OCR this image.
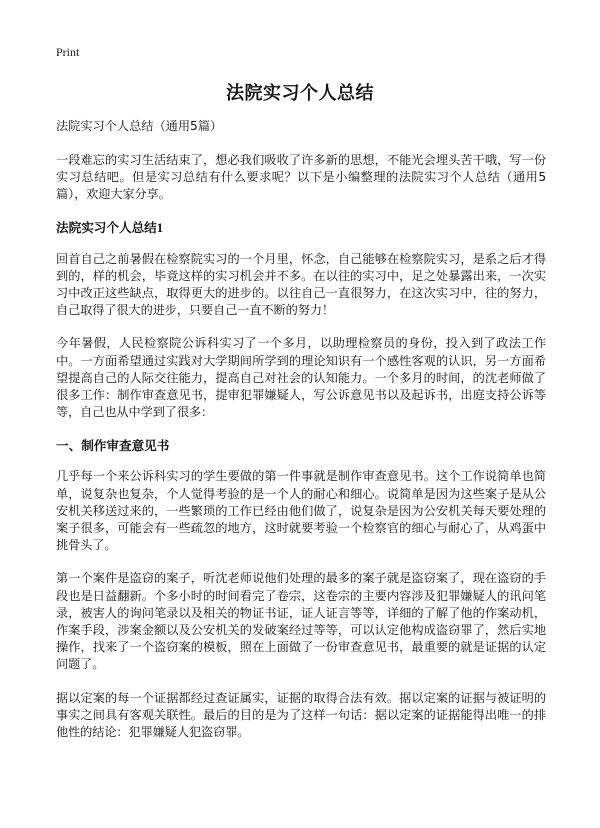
Print
法院实习个人总结

法院实习个人总结（通用5篇）

一段难忘的实习生活结束了，想必我们吸收了许多新的思想，不能光会埋头苦干哦，写一份实习总结吧。但是实习总结有什么要求呢？以下是小编整理的法院实习个人总结（通用5篇），欢迎大家分享。

法院实习个人总结1

回首自己之前暑假在检察院实习的一个月里，怀念，自己能够在检察院实习，是系之后才得到的，样的机会，毕竟这样的实习机会并不多。在以往的实习中，足之处暴露出来，一次实习中改正这些缺点，取得更大的进步的。以往自己一直很努力，在这次实习中，往的努力，自己取得了很大的进步，只要自己一直不断的努力！

今年暑假，人民检察院公诉科实习了一个多月，以助理检察员的身份，投入到了政法工作中。一方面希望通过实践对大学期间所学到的理论知识有一个感性客观的认识，另一方面希望提高自己的人际交往能力，提高自己对社会的认知能力。一个多月的时间，的沈老师做了很多工作：制作审查意见书，提审犯罪嫌疑人，写公诉意见书以及起诉书，出庭支持公诉等等，自己也从中学到了很多：

一、制作审查意见书

几乎每一个来公诉科实习的学生要做的第一件事就是制作审查意见书。这个工作说简单也简单，说复杂也复杂，个人觉得考验的是一个人的耐心和细心。说简单是因为这些案子是从公安机关移送过来的，一些繁琐的工作已经由他们做了，说复杂是因为公安机关每天要处理的案子很多，可能会有一些疏忽的地方，这时就要考验一个检察官的细心与耐心了，从鸡蛋中挑骨头了。

第一个案件是盗窃的案子，听沈老师说他们处理的最多的案子就是盗窃案了，现在盗窃的手段也是日益翻新。个多小时的时间看完了卷宗，这卷宗的主要内容涉及犯罪嫌疑人的讯问笔录，被害人的询问笔录以及相关的物证书证，证人证言等等，详细的了解了他的作案动机，作案手段，涉案金额以及公安机关的发破案经过等等，可以认定他构成盗窃罪了，然后实地操作，找来了一个盗窃案的模板，照在上面做了一份审查意见书，最重要的就是证据的认定问题了。

据以定案的每一个证据都经过查证属实，证据的取得合法有效。据以定案的证据与被证明的事实之间具有客观关联性。最后的目的是为了这样一句话：据以定案的证据能得出唯一的排他性的结论：犯罪嫌疑人犯盗窃罪。
